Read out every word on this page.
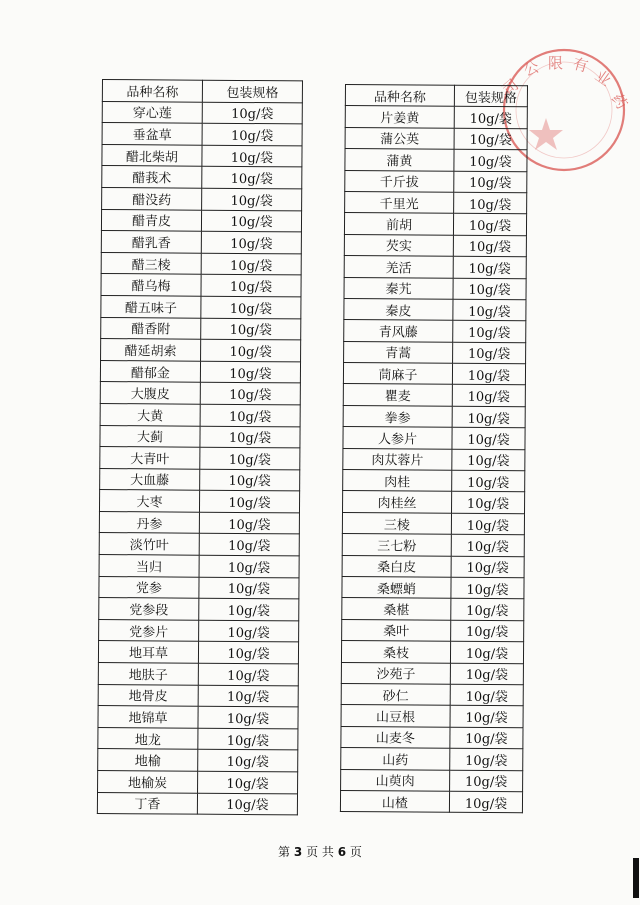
司
公 限 有
业
药
品种名称	包装规格
穿心莲	10g/袋
垂盆草	10g/袋
醋北柴胡	10g/袋
醋莪术	10g/袋
醋没药	10g/袋
醋青皮	10g/袋
醋乳香	10g/袋
醋三棱	10g/袋
醋乌梅	10g/袋
醋五味子	10g/袋
醋香附	10g/袋
醋延胡索	10g/袋
醋郁金	10g/袋
大腹皮	10g/袋
大黄	10g/袋
大蓟	10g/袋
大青叶	10g/袋
大血藤	10g/袋
大枣	10g/袋
丹参	10g/袋
淡竹叶	10g/袋
当归	10g/袋
党参	10g/袋
党参段	10g/袋
党参片	10g/袋
地耳草	10g/袋
地肤子	10g/袋
地骨皮	10g/袋
地锦草	10g/袋
地龙	10g/袋
地榆	10g/袋
地榆炭	10g/袋
丁香	10g/袋
品种名称	包装规格
片姜黄	10g/袋
蒲公英	10g/袋
蒲黄	10g/袋
千斤拔	10g/袋
千里光	10g/袋
前胡	10g/袋
芡实	10g/袋
羌活	10g/袋
秦艽	10g/袋
秦皮	10g/袋
青风藤	10g/袋
青蒿	10g/袋
茼麻子	10g/袋
瞿麦	10g/袋
拳参	10g/袋
人参片	10g/袋
肉苁蓉片	10g/袋
肉桂	10g/袋
肉桂丝	10g/袋
三棱	10g/袋
三七粉	10g/袋
桑白皮	10g/袋
桑螵蛸	10g/袋
桑椹	10g/袋
桑叶	10g/袋
桑枝	10g/袋
沙苑子	10g/袋
砂仁	10g/袋
山豆根	10g/袋
山麦冬	10g/袋
山药	10g/袋
山萸肉	10g/袋
山楂	10g/袋
第 3 页 共 6 页
